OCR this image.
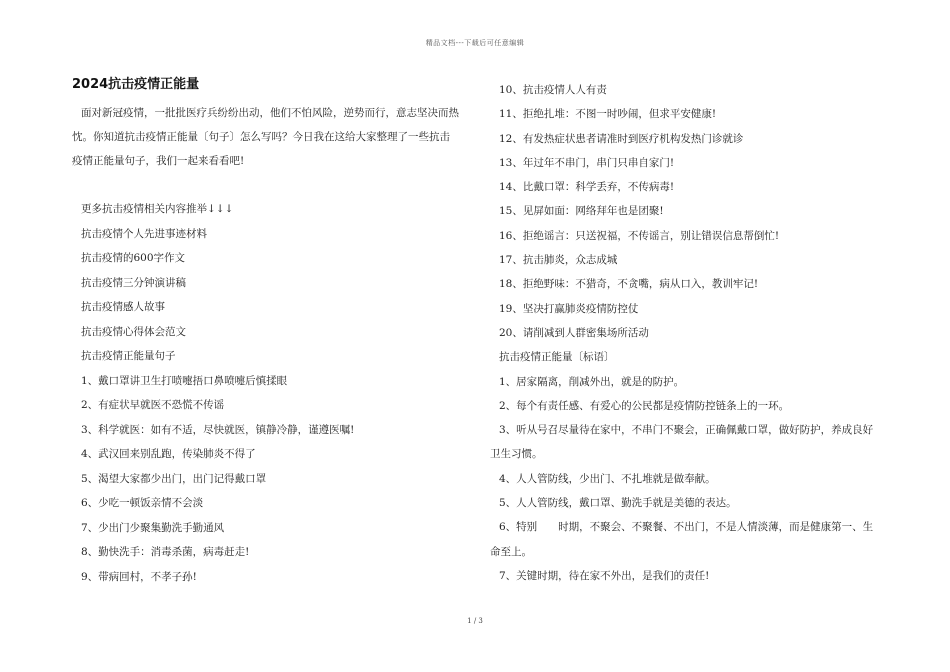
精品文档---下载后可任意编辑
2024抗击疫情正能量

面对新冠疫情，一批批医疗兵纷纷出动，他们不怕风险，逆势而行，意志坚决而热忱。你知道抗击疫情正能量〔句子〕怎么写吗？今日我在这给大家整理了一些抗击疫情正能量句子，我们一起来看看吧!

更多抗击疫情相关内容推举↓↓↓
抗击疫情个人先进事迹材料
抗击疫情的600字作文
抗击疫情三分钟演讲稿
抗击疫情感人故事
抗击疫情心得体会范文
抗击疫情正能量句子
1、戴口罩讲卫生打喷嚏捂口鼻喷嚏后慎揉眼
2、有症状早就医不恐慌不传谣
3、科学就医：如有不适，尽快就医，镇静冷静，谨遵医嘱!
4、武汉回来别乱跑，传染肺炎不得了
5、渴望大家都少出门，出门记得戴口罩
6、少吃一顿饭亲情不会淡
7、少出门少聚集勤洗手勤通风
8、勤快洗手：消毒杀菌，病毒赶走!
9、带病回村，不孝子孙!
10、抗击疫情人人有责
11、拒绝扎堆：不图一时吵闹，但求平安健康!
12、有发热症状患者请准时到医疗机构发热门诊就诊
13、年过年不串门，串门只串自家门!
14、比戴口罩：科学丢弃，不传病毒!
15、见屏如面：网络拜年也是团聚!
16、拒绝谣言：只送祝福，不传谣言，别让错误信息帮倒忙!
17、抗击肺炎，众志成城
18、拒绝野味：不猎奇，不贪嘴，病从口入，教训牢记!
19、坚决打赢肺炎疫情防控仗
20、请削减到人群密集场所活动
抗击疫情正能量〔标语〕
1、居家隔离，削减外出，就是的防护。
2、每个有责任感、有爱心的公民都是疫情防控链条上的一环。
3、听从号召尽量待在家中，不串门不聚会，正确佩戴口罩，做好防护，养成良好卫生习惯。
4、人人管防线，少出门、不扎堆就是做奉献。
5、人人管防线，戴口罩、勤洗手就是美德的表达。
6、特别　　时期，不聚会、不聚餐、不出门，不是人情淡薄，而是健康第一、生命至上。
7、关键时期，待在家不外出，是我们的责任!
1 / 3
